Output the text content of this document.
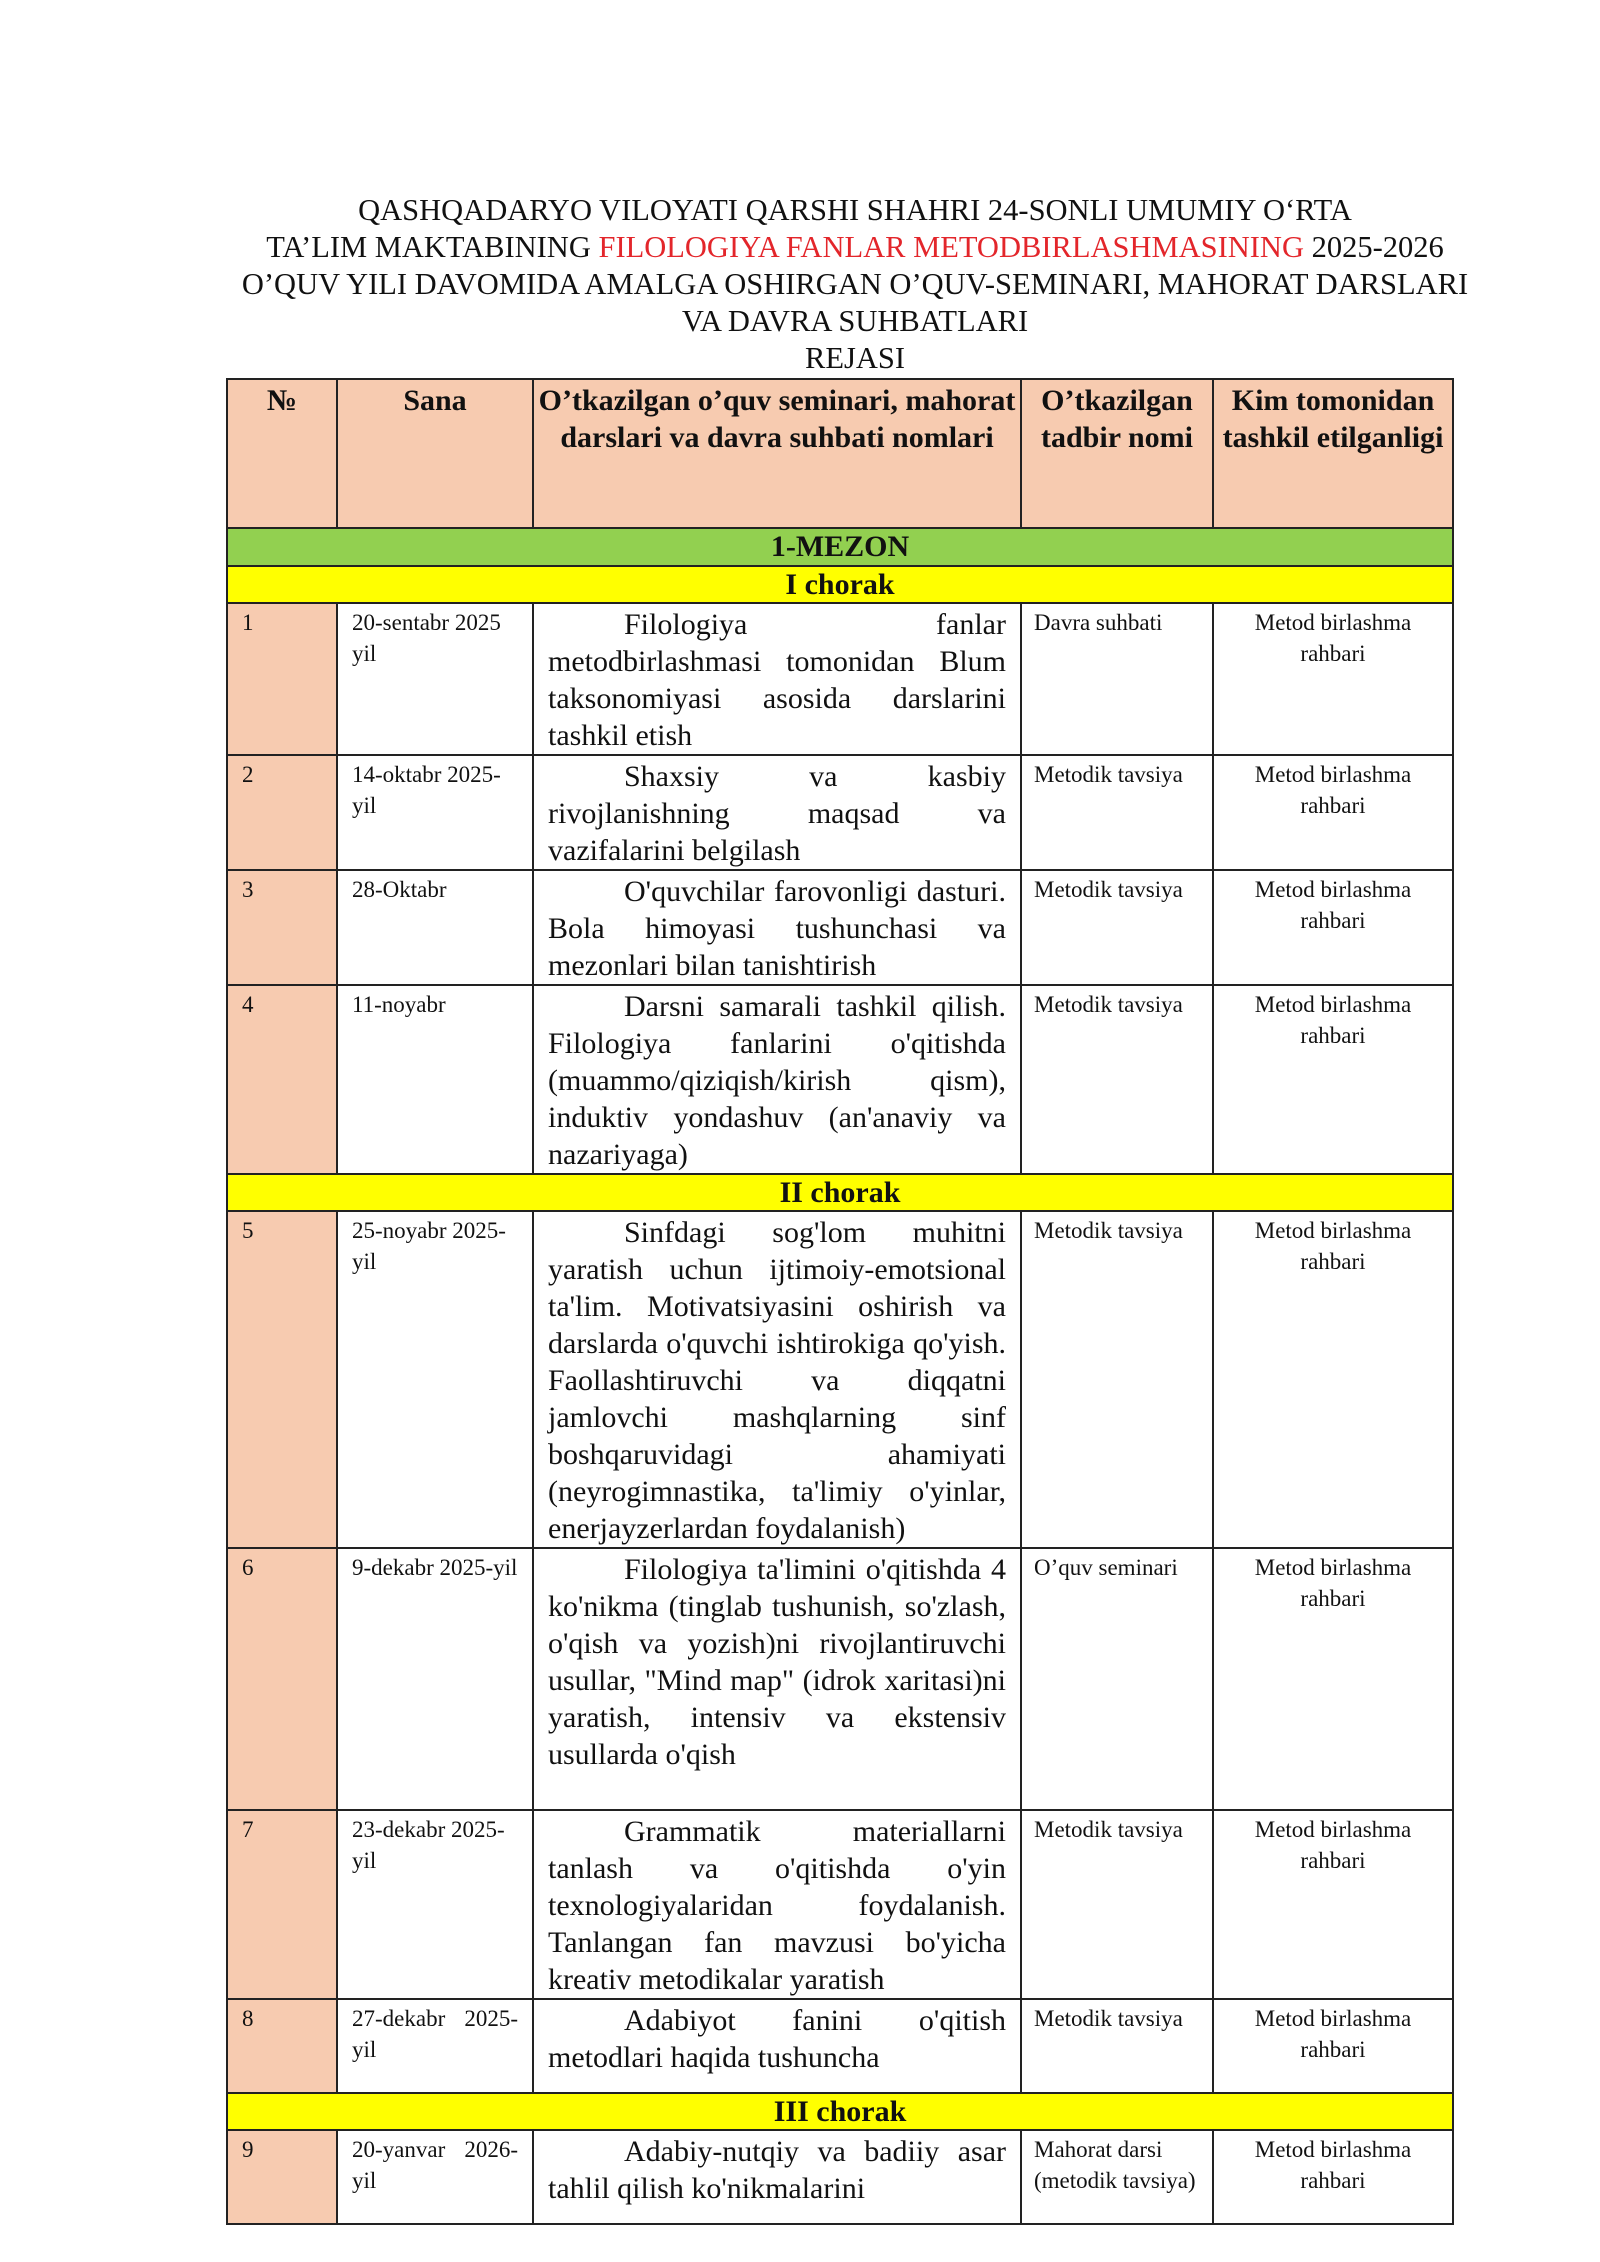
QASHQADARYO VILOYATI QARSHI SHAHRI 24-SONLI UMUMIY O‘RTA
TA’LIM MAKTABINING FILOLOGIYA FANLAR METODBIRLASHMASINING 2025-2026 O’QUV YILI DAVOMIDA AMALGA OSHIRGAN O’QUV-SEMINARI, MAHORAT DARSLARI VA DAVRA SUHBATLARI
REJASI
№	Sana	O’tkazilgan o’quv seminari, mahorat darslari va davra suhbati nomlari	O’tkazilgan tadbir nomi	Kim tomonidan tashkil etilganligi
1-MEZON				
I chorak				
1	20-sentabr 2025 yil	Filologiya fanlar metodbirlashmasi tomonidan Blum taksonomiyasi asosida darslarini tashkil etish	Davra suhbati	Metod birlashma rahbari
2	14-oktabr 2025-yil	Shaxsiy va kasbiy rivojlanishning maqsad va vazifalarini belgilash	Metodik tavsiya	Metod birlashma rahbari
3	28-Oktabr	O'quvchilar farovonligi dasturi. Bola himoyasi tushunchasi va mezonlari bilan tanishtirish	Metodik tavsiya	Metod birlashma rahbari
4	11-noyabr	Darsni samarali tashkil qilish. Filologiya fanlarini o'qitishda (muammo/qiziqish/kirish qism), induktiv yondashuv (an'anaviy va nazariyaga)	Metodik tavsiya	Metod birlashma rahbari
II chorak				
5	25-noyabr 2025-yil	Sinfdagi sog'lom muhitni yaratish uchun ijtimoiy-emotsional ta'lim. Motivatsiyasini oshirish va darslarda o'quvchi ishtirokiga qo'yish. Faollashtiruvchi va diqqatni jamlovchi mashqlarning sinf boshqaruvidagi ahamiyati (neyrogimnastika, ta'limiy o'yinlar, enerjayzerlardan foydalanish)	Metodik tavsiya	Metod birlashma rahbari
6	9-dekabr 2025-yil	Filologiya ta'limini o'qitishda 4 ko'nikma (tinglab tushunish, so'zlash, o'qish va yozish)ni rivojlantiruvchi usullar, "Mind map" (idrok xaritasi)ni yaratish, intensiv va ekstensiv usullarda o'qish	O’quv seminari	Metod birlashma rahbari
7	23-dekabr 2025-yil	Grammatik materiallarni tanlash va o'qitishda o'yin texnologiyalaridan foydalanish. Tanlangan fan mavzusi bo'yicha kreativ metodikalar yaratish	Metodik tavsiya	Metod birlashma rahbari
8	27-dekabr 2025-yil	Adabiyot fanini o'qitish metodlari haqida tushuncha	Metodik tavsiya	Metod birlashma rahbari
III chorak				
9	20-yanvar 2026-yil	Adabiy-nutqiy va badiiy asar tahlil qilish ko'nikmalarini	Mahorat darsi (metodik tavsiya)	Metod birlashma rahbari
